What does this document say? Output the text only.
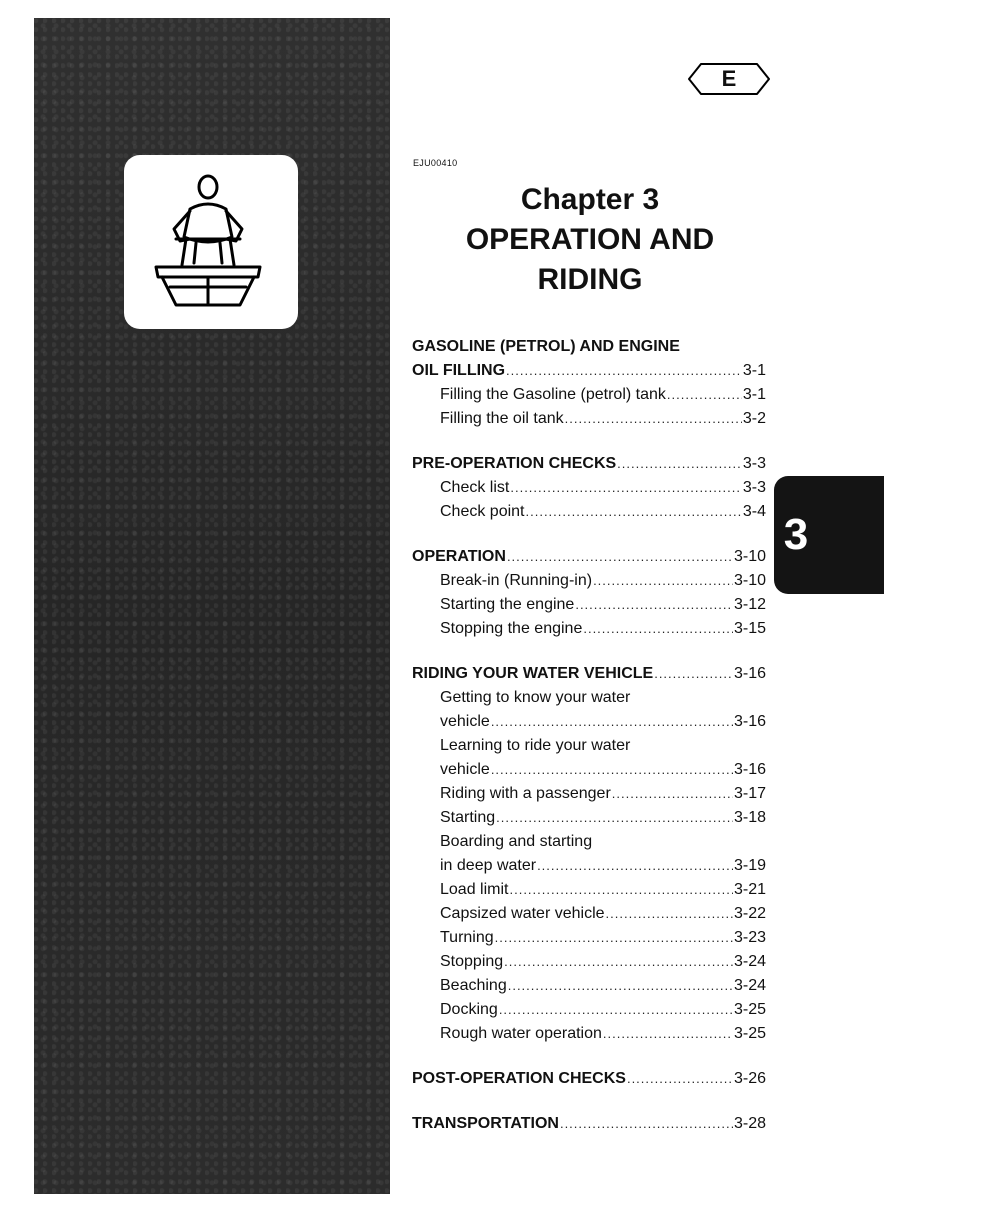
E
EJU00410
Chapter 3
OPERATION AND
RIDING
GASOLINE (PETROL) AND ENGINE
OIL FILLING .....	3-1
Filling the Gasoline (petrol) tank .....	3-1
Filling the oil tank .....	3-2
PRE-OPERATION CHECKS .....	3-3
Check list .....	3-3
Check point .....	3-4
OPERATION .....	3-10
Break-in (Running-in) .....	3-10
Starting the engine .....	3-12
Stopping the engine .....	3-15
RIDING YOUR WATER VEHICLE .....	3-16
Getting to know your water
vehicle .....	3-16
Learning to ride your water
vehicle .....	3-16
Riding with a passenger .....	3-17
Starting .....	3-18
Boarding and starting
in deep water .....	3-19
Load limit .....	3-21
Capsized water vehicle .....	3-22
Turning .....	3-23
Stopping .....	3-24
Beaching .....	3-24
Docking .....	3-25
Rough water operation .....	3-25
POST-OPERATION CHECKS .....	3-26
TRANSPORTATION .....	3-28
3
